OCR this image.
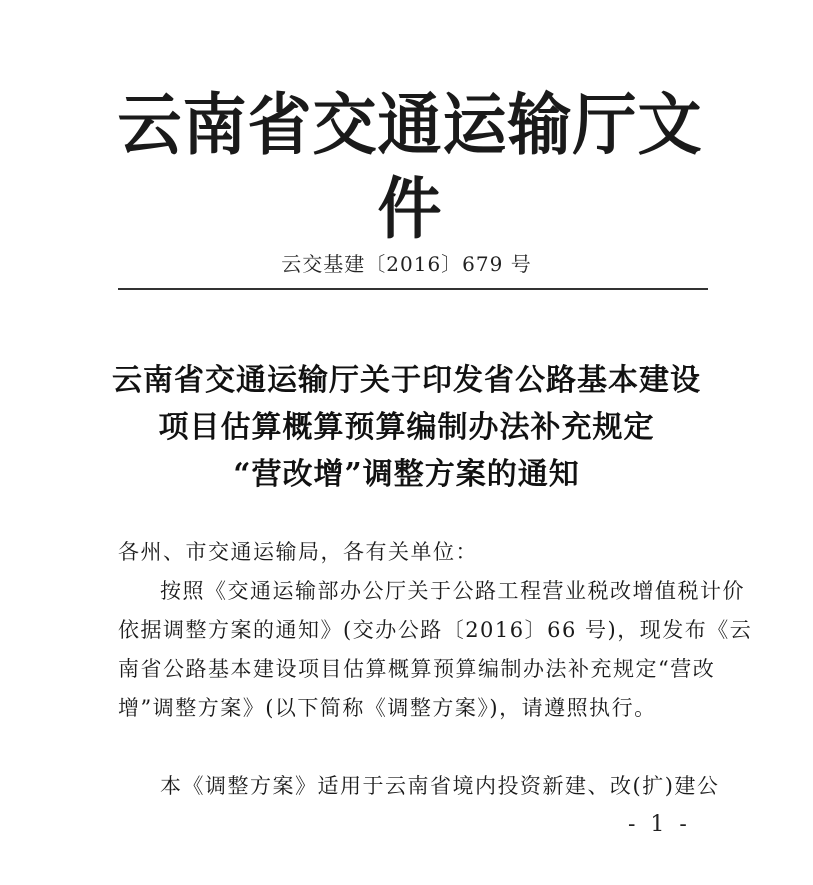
云南省交通运输厅文件
云交基建〔2016〕679 号
云南省交通运输厅关于印发省公路基本建设
项目估算概算预算编制办法补充规定
“营改增”调整方案的通知
各州、市交通运输局，各有关单位：
按照《交通运输部办公厅关于公路工程营业税改增值税计价
依据调整方案的通知》(交办公路〔2016〕66 号)，现发布《云
南省公路基本建设项目估算概算预算编制办法补充规定“营改
增”调整方案》(以下简称《调整方案》)，请遵照执行。
本《调整方案》适用于云南省境内投资新建、改(扩)建公
- 1 -
